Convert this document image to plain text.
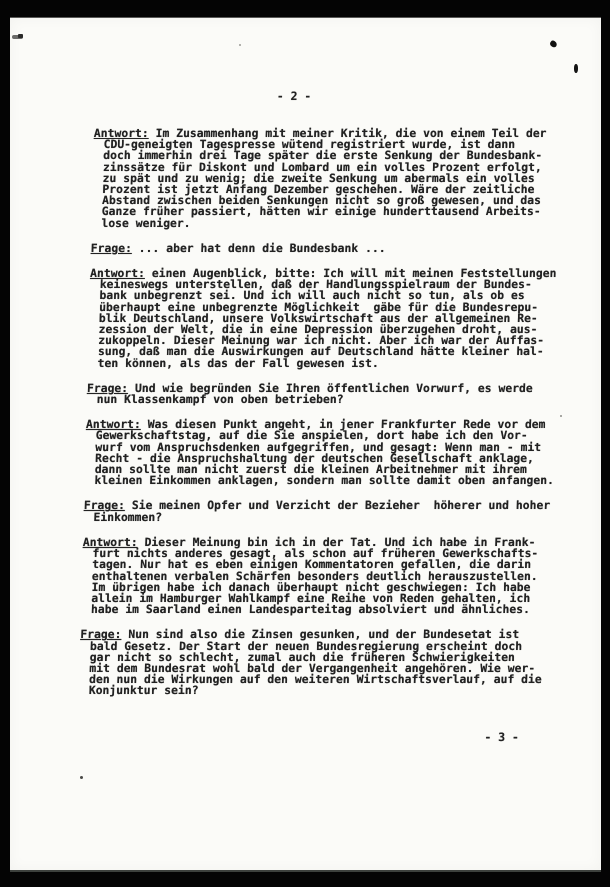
- 2 -
Antwort: Im Zusammenhang mit meiner Kritik, die von einem Teil der
CDU-geneigten Tagespresse wütend registriert wurde, ist dann
doch immerhin drei Tage später die erste Senkung der Bundesbank-
zinssätze für Diskont und Lombard um ein volles Prozent erfolgt,
zu spät und zu wenig; die zweite Senkung um abermals ein volles
Prozent ist jetzt Anfang Dezember geschehen. Wäre der zeitliche
Abstand zwischen beiden Senkungen nicht so groß gewesen, und das
Ganze früher passiert, hätten wir einige hunderttausend Arbeits-
lose weniger.
Frage: ... aber hat denn die Bundesbank ...
Antwort: einen Augenblick, bitte: Ich will mit meinen Feststellungen
keineswegs unterstellen, daß der Handlungsspielraum der Bundes-
bank unbegrenzt sei. Und ich will auch nicht so tun, als ob es
überhaupt eine unbegrenzte Möglichkeit  gäbe für die Bundesrepu-
blik Deutschland, unsere Volkswirtschaft aus der allgemeinen Re-
zession der Welt, die in eine Depression überzugehen droht, aus-
zukoppeln. Dieser Meinung war ich nicht. Aber ich war der Auffas-
sung, daß man die Auswirkungen auf Deutschland hätte kleiner hal-
ten können, als das der Fall gewesen ist.
Frage: Und wie begründen Sie Ihren öffentlichen Vorwurf, es werde
nun Klassenkampf von oben betrieben?
Antwort: Was diesen Punkt angeht, in jener Frankfurter Rede vor dem
Gewerkschaftstag, auf die Sie anspielen, dort habe ich den Vor-
wurf vom Anspruchsdenken aufgegriffen, und gesagt: Wenn man - mit
Recht - die Anspruchshaltung der deutschen Gesellschaft anklage,
dann sollte man nicht zuerst die kleinen Arbeitnehmer mit ihrem
kleinen Einkommen anklagen, sondern man sollte damit oben anfangen.
Frage: Sie meinen Opfer und Verzicht der Bezieher  höherer und hoher
Einkommen?
Antwort: Dieser Meinung bin ich in der Tat. Und ich habe in Frank-
furt nichts anderes gesagt, als schon auf früheren Gewerkschafts-
tagen. Nur hat es eben einigen Kommentatoren gefallen, die darin
enthaltenen verbalen Schärfen besonders deutlich herauszustellen.
Im übrigen habe ich danach überhaupt nicht geschwiegen: Ich habe
allein im Hamburger Wahlkampf eine Reihe von Reden gehalten, ich
habe im Saarland einen Landesparteitag absolviert und ähnliches.
Frage: Nun sind also die Zinsen gesunken, und der Bundesetat ist
bald Gesetz. Der Start der neuen Bundesregierung erscheint doch
gar nicht so schlecht, zumal auch die früheren Schwierigkeiten
mit dem Bundesrat wohl bald der Vergangenheit angehören. Wie wer-
den nun die Wirkungen auf den weiteren Wirtschaftsverlauf, auf die
Konjunktur sein?
- 3 -
